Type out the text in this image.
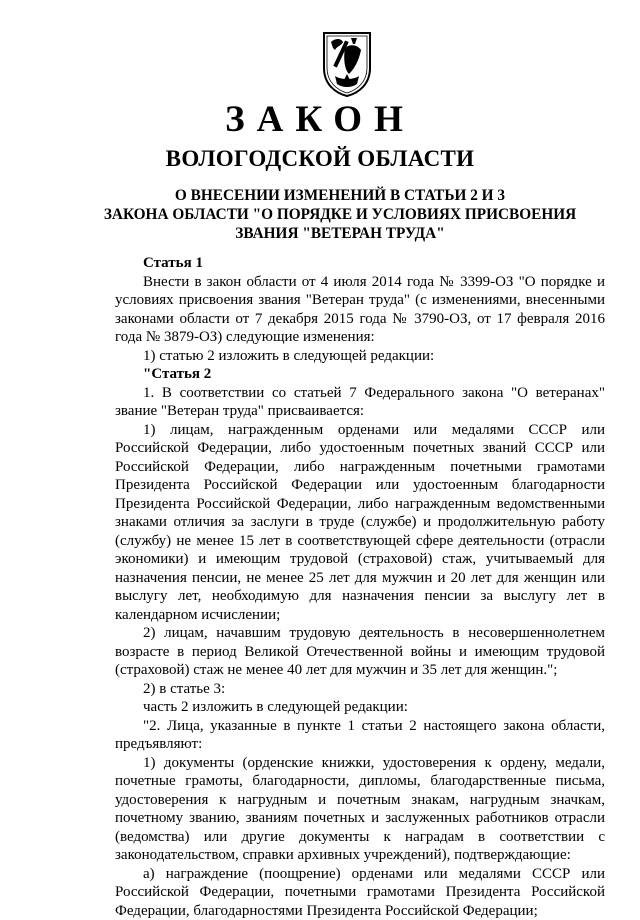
ЗАКОН
ВОЛОГОДСКОЙ ОБЛАСТИ
О ВНЕСЕНИИ ИЗМЕНЕНИЙ В СТАТЬИ 2 И 3
ЗАКОНА ОБЛАСТИ "О ПОРЯДКЕ И УСЛОВИЯХ ПРИСВОЕНИЯ
ЗВАНИЯ "ВЕТЕРАН ТРУДА"

Статья 1

Внести в закон области от 4 июля 2014 года № 3399-ОЗ "О порядке и условиях присвоения звания "Ветеран труда" (с изменениями, внесенными законами области от 7 декабря 2015 года № 3790-ОЗ, от 17 февраля 2016 года № 3879-ОЗ) следующие изменения:

1) статью 2 изложить в следующей редакции:

"Статья 2

1. В соответствии со статьей 7 Федерального закона "О ветеранах" звание "Ветеран труда" присваивается:

1) лицам, награжденным орденами или медалями СССР или Российской Федерации, либо удостоенным почетных званий СССР или Российской Федерации, либо награжденным почетными грамотами Президента Российской Федерации или удостоенным благодарности Президента Российской Федерации, либо награжденным ведомственными знаками отличия за заслуги в труде (службе) и продолжительную работу (службу) не менее 15 лет в соответствующей сфере деятельности (отрасли экономики) и имеющим трудовой (страховой) стаж, учитываемый для назначения пенсии, не менее 25 лет для мужчин и 20 лет для женщин или выслугу лет, необходимую для назначения пенсии за выслугу лет в календарном исчислении;

2) лицам, начавшим трудовую деятельность в несовершеннолетнем возрасте в период Великой Отечественной войны и имеющим трудовой (страховой) стаж не менее 40 лет для мужчин и 35 лет для женщин.";

2) в статье 3:

часть 2 изложить в следующей редакции:

"2. Лица, указанные в пункте 1 статьи 2 настоящего закона области, предъявляют:

1) документы (орденские книжки, удостоверения к ордену, медали, почетные грамоты, благодарности, дипломы, благодарственные письма, удостоверения к нагрудным и почетным знакам, нагрудным значкам, почетному званию, званиям почетных и заслуженных работников отрасли (ведомства) или другие документы к наградам в соответствии с законодательством, справки архивных учреждений), подтверждающие:

а) награждение (поощрение) орденами или медалями СССР или Российской Федерации, почетными грамотами Президента Российской Федерации, благодарностями Президента Российской Федерации;
